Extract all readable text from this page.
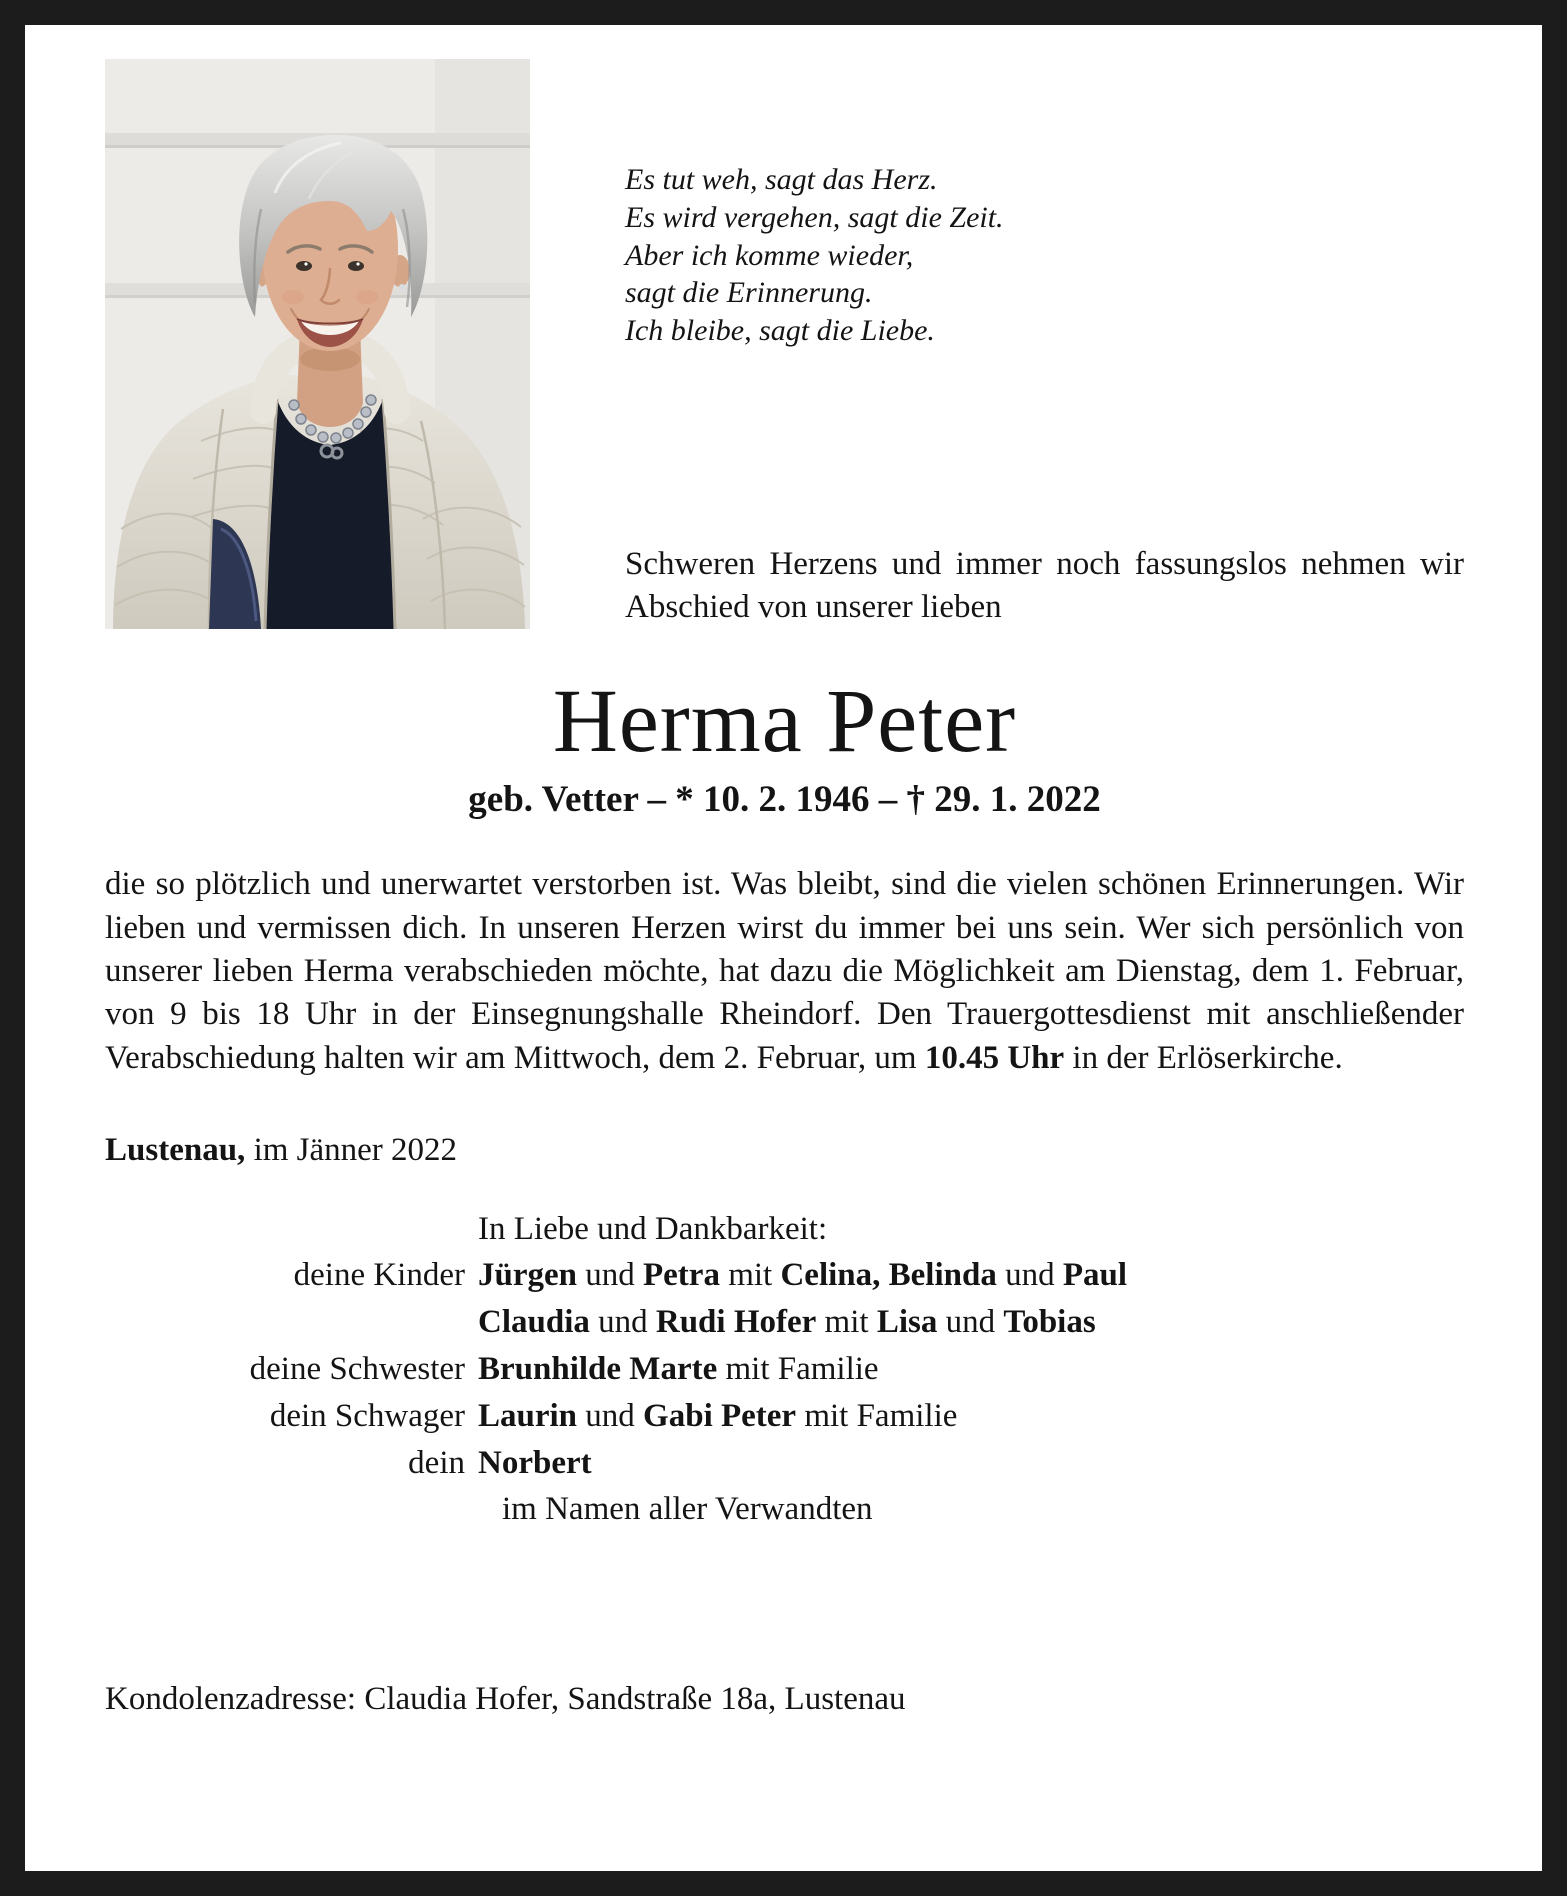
Es tut weh, sagt das Herz.
Es wird vergehen, sagt die Zeit.
Aber ich komme wieder,
sagt die Erinnerung.
Ich bleibe, sagt die Liebe.

Schweren Herzens und immer noch fassungslos nehmen wir Abschied von unserer lieben

Herma Peter
geb. Vetter – * 10. 2. 1946 – † 29. 1. 2022

die so plötzlich und unerwartet verstorben ist. Was bleibt, sind die vielen schönen Erinnerungen. Wir lieben und vermissen dich. In unseren Herzen wirst du immer bei uns sein. Wer sich persönlich von unserer lieben Herma verabschieden möchte, hat dazu die Möglichkeit am Dienstag, dem 1. Februar, von 9 bis 18 Uhr in der Einsegnungshalle Rheindorf. Den Trauergottesdienst mit anschließender Verabschiedung halten wir am Mittwoch, dem 2. Februar, um 10.45 Uhr in der Erlöserkirche.

Lustenau, im Jänner 2022

In Liebe und Dankbarkeit:

deine Kinder Jürgen und Petra mit Celina, Belinda und Paul
Claudia und Rudi Hofer mit Lisa und Tobias
deine Schwester Brunhilde Marte mit Familie
dein Schwager Laurin und Gabi Peter mit Familie
dein Norbert
im Namen aller Verwandten

Kondolenzadresse: Claudia Hofer, Sandstraße 18a, Lustenau
